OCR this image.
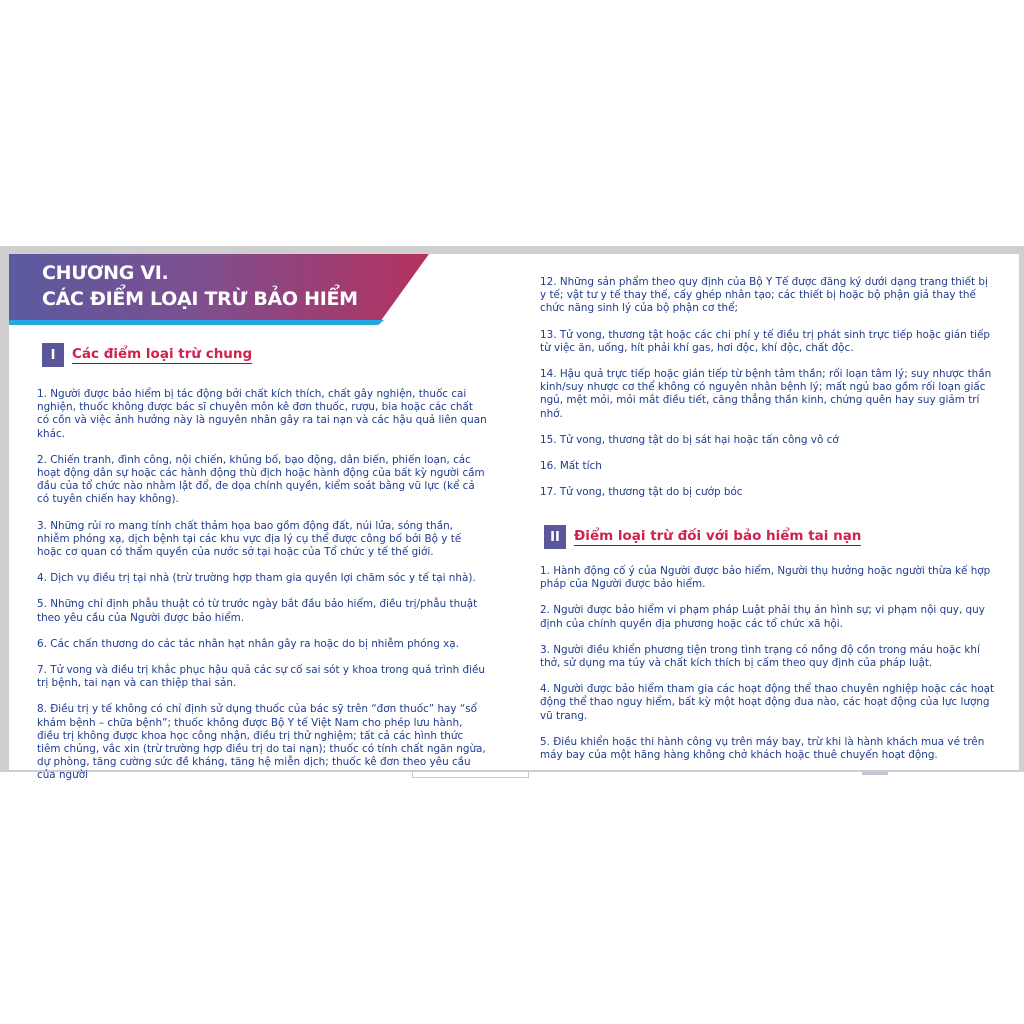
CHƯƠNG VI.
CÁC ĐIỂM LOẠI TRỪ BẢO HIỂM
I	Các điểm loại trừ chung

1. Người được bảo hiểm bị tác động bởi chất kích thích, chất gây nghiện, thuốc cai nghiện, thuốc không được bác sĩ chuyên môn kê đơn thuốc, rượu, bia hoặc các chất có cồn và việc ảnh hưởng này là nguyên nhân gây ra tai nạn và các hậu quả liên quan khác.

2. Chiến tranh, đình công, nội chiến, khủng bố, bạo động, dân biến, phiến loạn, các hoạt động dân sự hoặc các hành động thù địch hoặc hành động của bất kỳ người cầm đầu của tổ chức nào nhằm lật đổ, đe dọa chính quyền, kiểm soát bằng vũ lực (kể cả có tuyên chiến hay không).

3. Những rủi ro mang tính chất thảm họa bao gồm động đất, núi lửa, sóng thần, nhiễm phóng xạ, dịch bệnh tại các khu vực địa lý cụ thể được công bố bởi Bộ y tế hoặc cơ quan có thẩm quyền của nước sở tại hoặc của Tổ chức y tế thế giới.

4. Dịch vụ điều trị tại nhà (trừ trường hợp tham gia quyền lợi chăm sóc y tế tại nhà).

5. Những chỉ định phẫu thuật có từ trước ngày bắt đầu bảo hiểm, điều trị/phẫu thuật theo yêu cầu của Người được bảo hiểm.

6. Các chấn thương do các tác nhân hạt nhân gây ra hoặc do bị nhiễm phóng xạ.

7. Tử vong và điều trị khắc phục hậu quả các sự cố sai sót y khoa trong quá trình điều trị bệnh, tai nạn và can thiệp thai sản.

8. Điều trị y tế không có chỉ định sử dụng thuốc của bác sỹ trên “đơn thuốc” hay “sổ khám bệnh – chữa bệnh”; thuốc không được Bộ Y tế Việt Nam cho phép lưu hành, điều trị không được khoa học công nhận, điều trị thử nghiệm; tất cả các hình thức tiêm chủng, vắc xin (trừ trường hợp điều trị do tai nạn); thuốc có tính chất ngăn ngừa, dự phòng, tăng cường sức đề kháng, tăng hệ miễn dịch; thuốc kê đơn theo yêu cầu của người

12. Những sản phẩm theo quy định của Bộ Y Tế được đăng ký dưới dạng trang thiết bị y tế; vật tư y tế thay thế, cấy ghép nhân tạo; các thiết bị hoặc bộ phận giả thay thế chức năng sinh lý của bộ phận cơ thể;

13. Tử vong, thương tật hoặc các chi phí y tế điều trị phát sinh trực tiếp hoặc gián tiếp từ việc ăn, uống, hít phải khí gas, hơi độc, khí độc, chất độc.

14. Hậu quả trực tiếp hoặc gián tiếp từ bệnh tâm thần; rối loạn tâm lý; suy nhược thần kinh/suy nhược cơ thể không có nguyên nhân bệnh lý; mất ngủ bao gồm rối loạn giấc ngủ, mệt mỏi, mỏi mắt điều tiết, căng thẳng thần kinh, chứng quên hay suy giảm trí nhớ.

15. Tử vong, thương tật do bị sát hại hoặc tấn công vô cớ

16. Mất tích

17. Tử vong, thương tật do bị cướp bóc

II	Điểm loại trừ đối với bảo hiểm tai nạn

1. Hành động cố ý của Người được bảo hiểm, Người thụ hưởng hoặc người thừa kế hợp pháp của Người được bảo hiểm.

2. Người được bảo hiểm vi phạm pháp Luật phải thụ án hình sự; vi phạm nội quy, quy định của chính quyền địa phương hoặc các tổ chức xã hội.

3. Người điều khiển phương tiện trong tình trạng có nồng độ cồn trong máu hoặc khí thở, sử dụng ma túy và chất kích thích bị cấm theo quy định của pháp luật.

4. Người được bảo hiểm tham gia các hoạt động thể thao chuyên nghiệp hoặc các hoạt động thể thao nguy hiểm, bất kỳ một hoạt động đua nào, các hoạt động của lực lượng vũ trang.

5. Điều khiển hoặc thi hành công vụ trên máy bay, trừ khi là hành khách mua vé trên máy bay của một hãng hàng không chở khách hoặc thuê chuyến hoạt động.
